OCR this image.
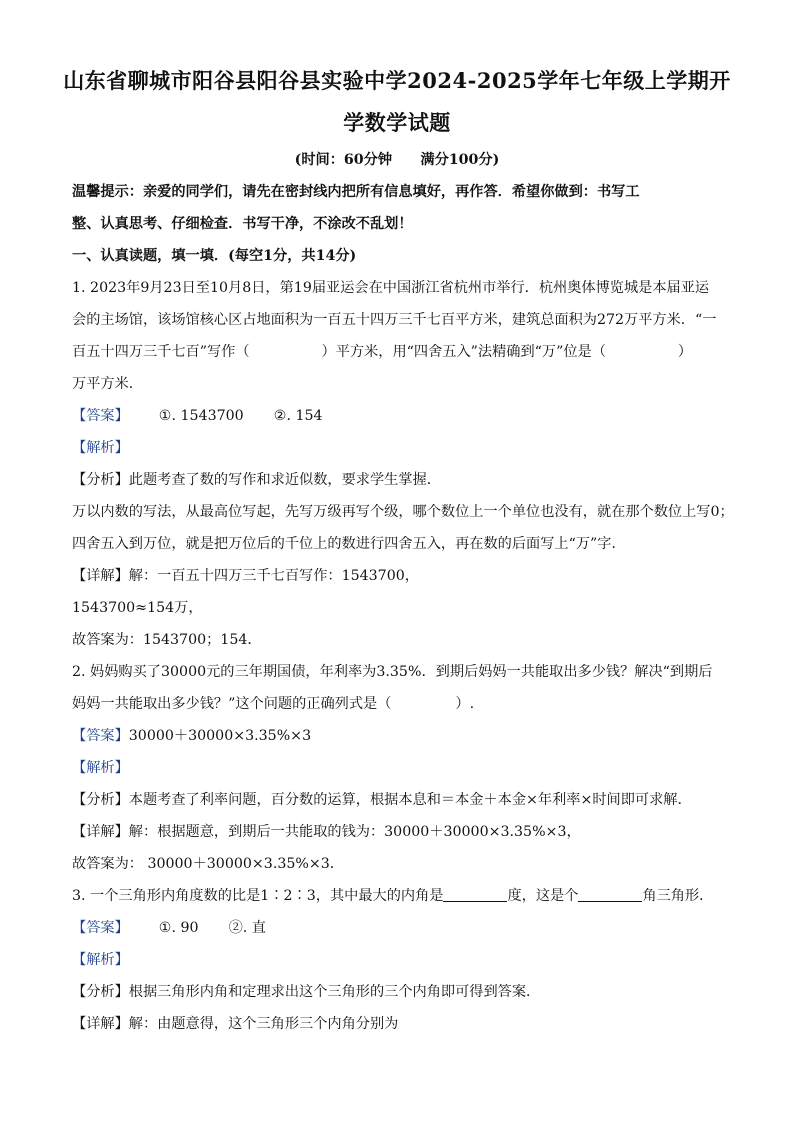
山东省聊城市阳谷县阳谷县实验中学2024-2025学年七年级上学期开
学数学试题
(时间：60分钟　　满分100分)
温馨提示：亲爱的同学们，请先在密封线内把所有信息填好，再作答．希望你做到：书写工
整、认真思考、仔细检查．书写干净，不涂改不乱划！
一、认真读题，填一填．(每空1分，共14分)
1. 2023年9月23日至10月8日，第19届亚运会在中国浙江省杭州市举行．杭州奥体博览城是本届亚运
会的主场馆，该场馆核心区占地面积为一百五十四万三千七百平方米，建筑总面积为272万平方米．“一
百五十四万三千七百”写作（	）平方米，用“四舍五入”法精确到“万”位是（	）
万平方米．
【答案】 ①. 1543700 ②. 154
【解析】
【分析】此题考查了数的写作和求近似数，要求学生掌握．
万以内数的写法，从最高位写起，先写万级再写个级，哪个数位上一个单位也没有，就在那个数位上写0；
四舍五入到万位，就是把万位后的千位上的数进行四舍五入，再在数的后面写上“万”字．
【详解】解：一百五十四万三千七百写作：1543700，
1543700≈154万，
故答案为：1543700；154．
2. 妈妈购买了30000元的三年期国债，年利率为3.35%．到期后妈妈一共能取出多少钱？解决“到期后
妈妈一共能取出多少钱？”这个问题的正确列式是（	）.
【答案】30000＋30000×3.35%×3
【解析】
【分析】本题考查了利率问题，百分数的运算，根据本息和＝本金＋本金×年利率×时间即可求解．
【详解】解：根据题意，到期后一共能取的钱为：30000＋30000×3.35%×3，
故答案为： 30000＋30000×3.35%×3．
3. 一个三角形内角度数的比是1∶2∶3，其中最大的内角是	度，这是个	角三角形．
【答案】 ①. 90 ②. 直
【解析】
【分析】根据三角形内角和定理求出这个三角形的三个内角即可得到答案．
【详解】解：由题意得，这个三角形三个内角分别为
